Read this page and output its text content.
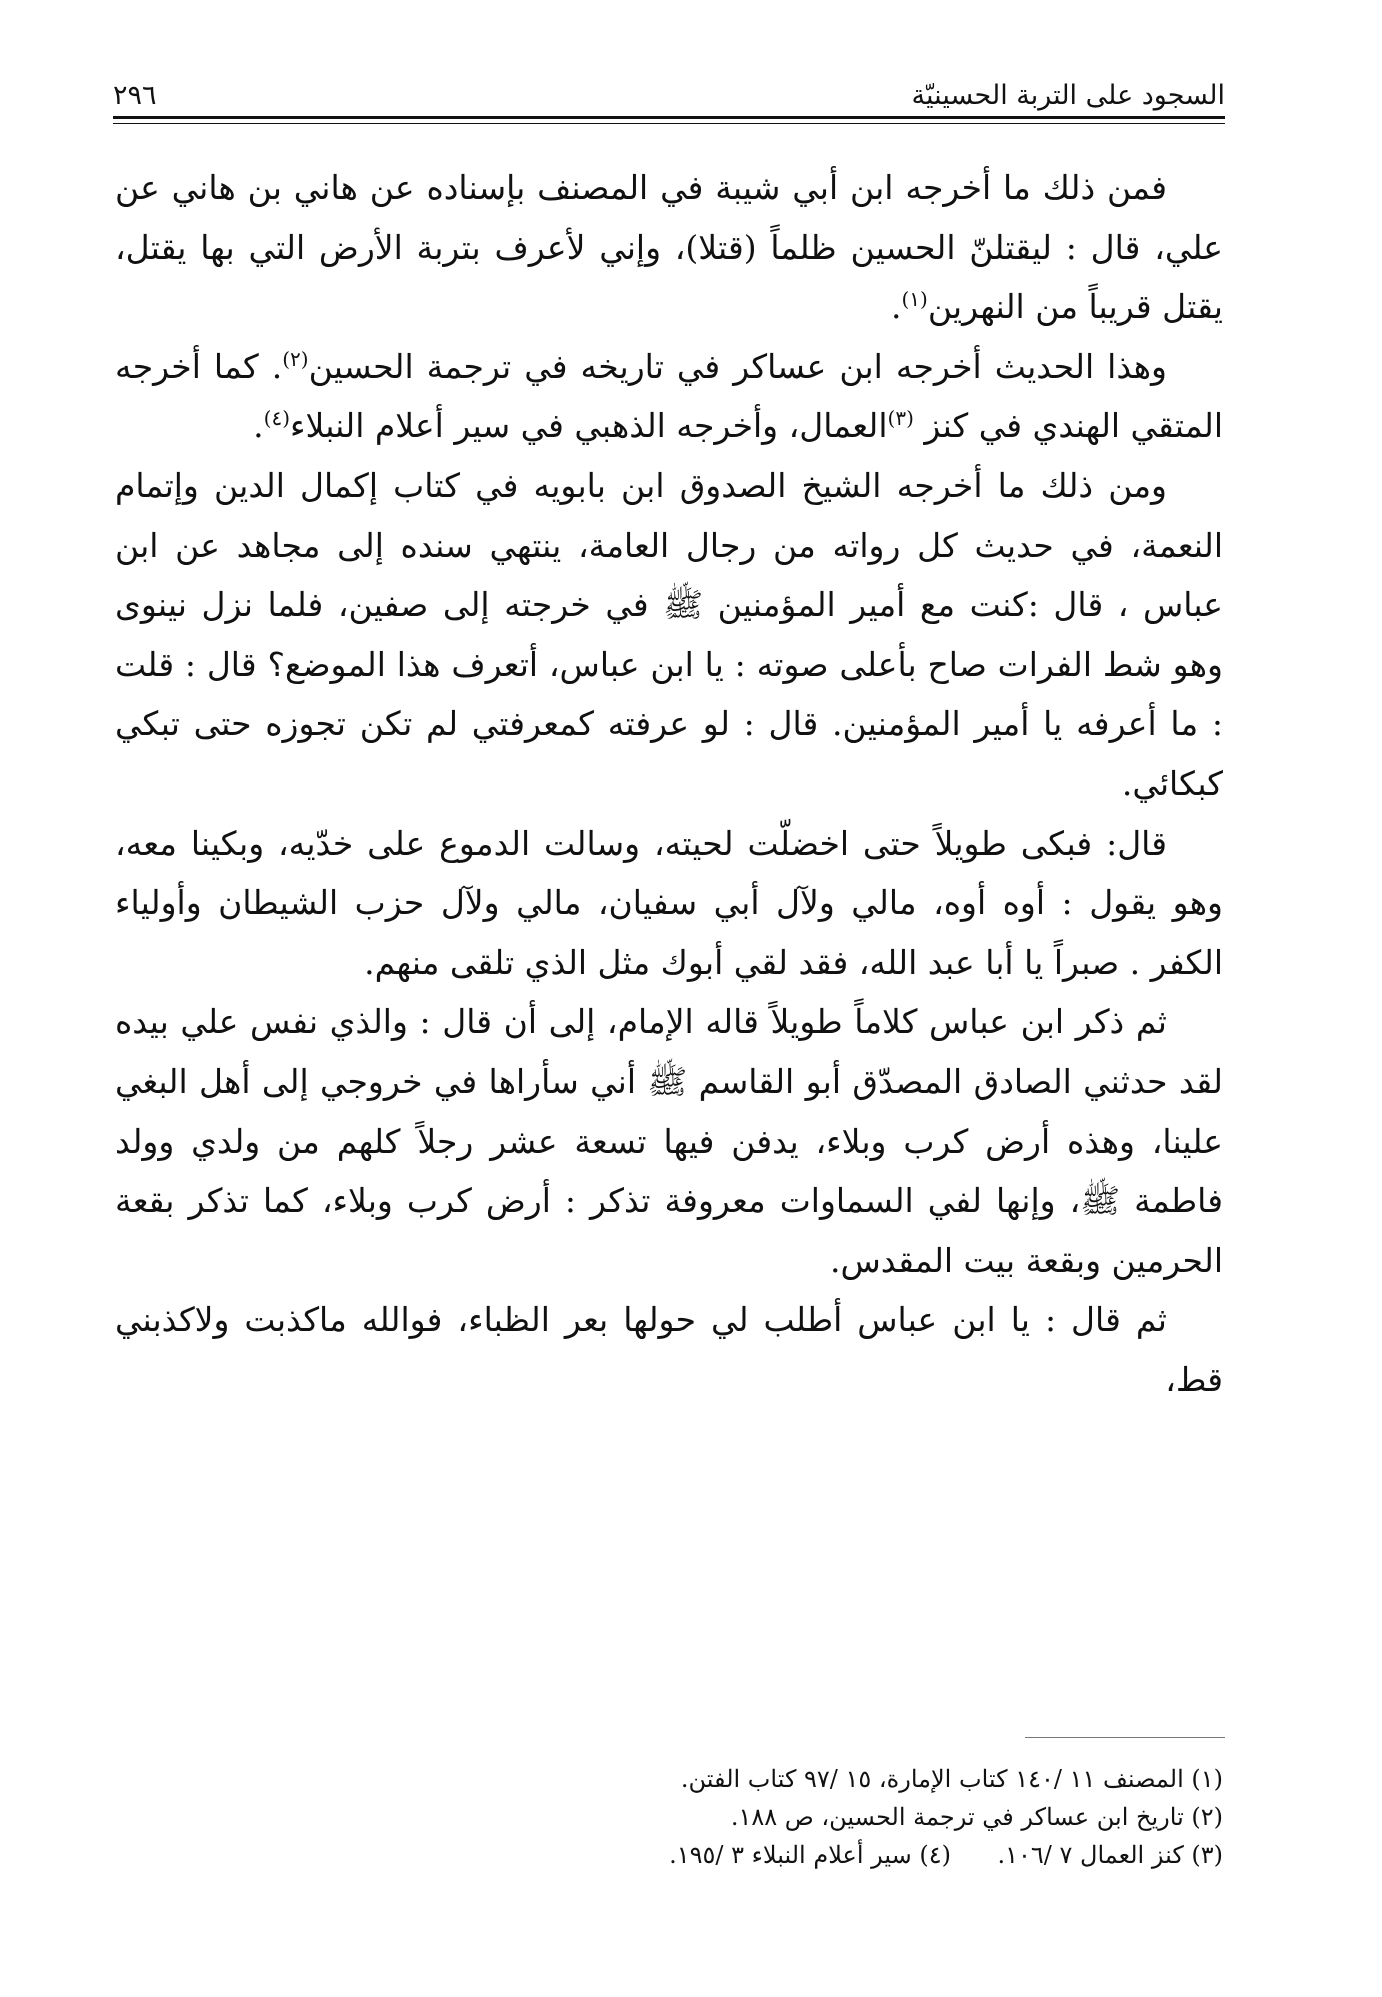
السجود على التربة الحسينيّة
٢٩٦

فمن ذلك ما أخرجه ابن أبي شيبة في المصنف بإسناده عن هاني بن هاني عن علي، قال : ليقتلنّ الحسين ظلماً (قتلا)، وإني لأعرف بتربة الأرض التي بها يقتل، يقتل قريباً من النهرين$^{(١)}$.

وهذا الحديث أخرجه ابن عساكر في تاريخه في ترجمة الحسين$^{(٢)}$. كما أخرجه المتقي الهندي في كنز $^{(٣)}$العمال، وأخرجه الذهبي في سير أعلام النبلاء$^{(٤)}$.

ومن ذلك ما أخرجه الشيخ الصدوق ابن بابويه في كتاب إكمال الدين وإتمام النعمة، في حديث كل رواته من رجال العامة، ينتهي سنده إلى مجاهد عن ابن عباس ، قال :كنت مع أمير المؤمنين ﷺ في خرجته إلى صفين، فلما نزل نينوى وهو شط الفرات صاح بأعلى صوته : يا ابن عباس، أتعرف هذا الموضع؟ قال : قلت : ما أعرفه يا أمير المؤمنين. قال : لو عرفته كمعرفتي لم تكن تجوزه حتى تبكي كبكائي.

قال: فبكى طويلاً حتى اخضلّت لحيته، وسالت الدموع على خدّيه، وبكينا معه، وهو يقول : أوه أوه، مالي ولآل أبي سفيان، مالي ولآل حزب الشيطان وأولياء الكفر . صبراً يا أبا عبد الله، فقد لقي أبوك مثل الذي تلقى منهم.

ثم ذكر ابن عباس كلاماً طويلاً قاله الإمام، إلى أن قال : والذي نفس علي بيده لقد حدثني الصادق المصدّق أبو القاسم ﷺ أني سأراها في خروجي إلى أهل البغي علينا، وهذه أرض كرب وبلاء، يدفن فيها تسعة عشر رجلاً كلهم من ولدي وولد فاطمة ﷺ، وإنها لفي السماوات معروفة تذكر : أرض كرب وبلاء، كما تذكر بقعة الحرمين وبقعة بيت المقدس.

ثم قال : يا ابن عباس أطلب لي حولها بعر الظباء، فوالله ماكذبت ولاكذبني قط،

(١) المصنف ١١ /١٤٠ كتاب الإمارة، ١٥ /٩٧ كتاب الفتن.

(٢) تاريخ ابن عساكر في ترجمة الحسين، ص ١٨٨.

(٣) كنز العمال ٧ /١٠٦.
(٤) سير أعلام النبلاء ٣ /١٩٥.
